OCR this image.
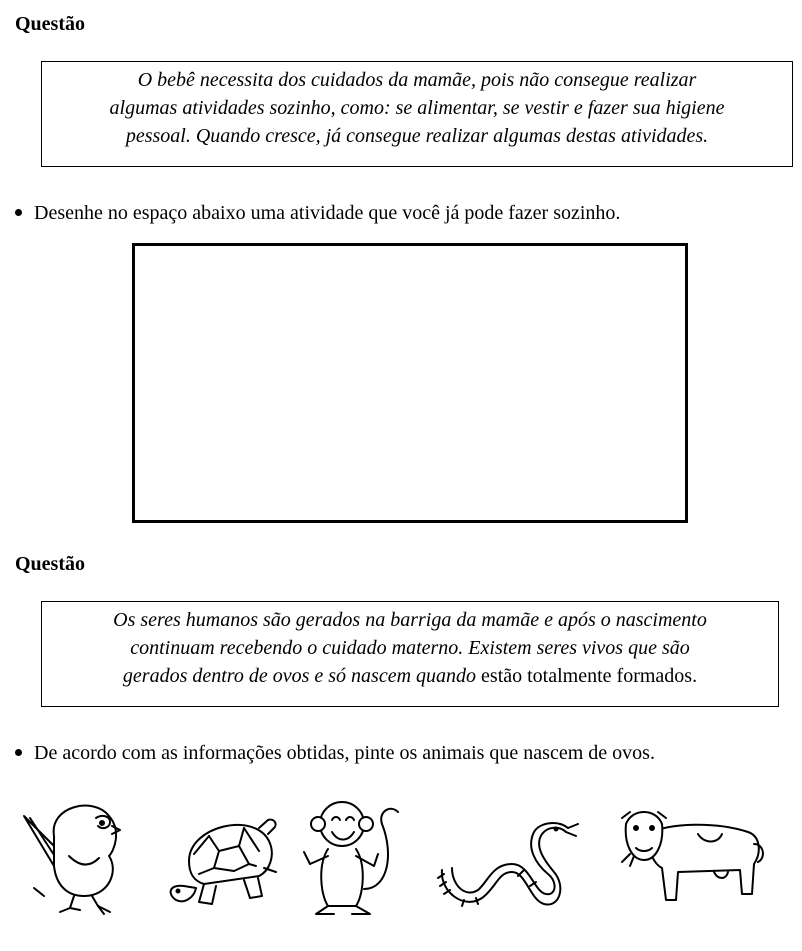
Questão
O bebê necessita dos cuidados da mamãe, pois não consegue realizar
algumas atividades sozinho, como: se alimentar, se vestir e fazer sua higiene
pessoal. Quando cresce, já consegue realizar algumas destas atividades.
Desenhe no espaço abaixo uma atividade que você já pode fazer sozinho.
Questão
Os seres humanos são gerados na barriga da mamãe e após o nascimento
continuam recebendo o cuidado materno. Existem seres vivos que são
gerados dentro de ovos e só nascem quando estão totalmente formados.
De acordo com as informações obtidas, pinte os animais que nascem de ovos.
